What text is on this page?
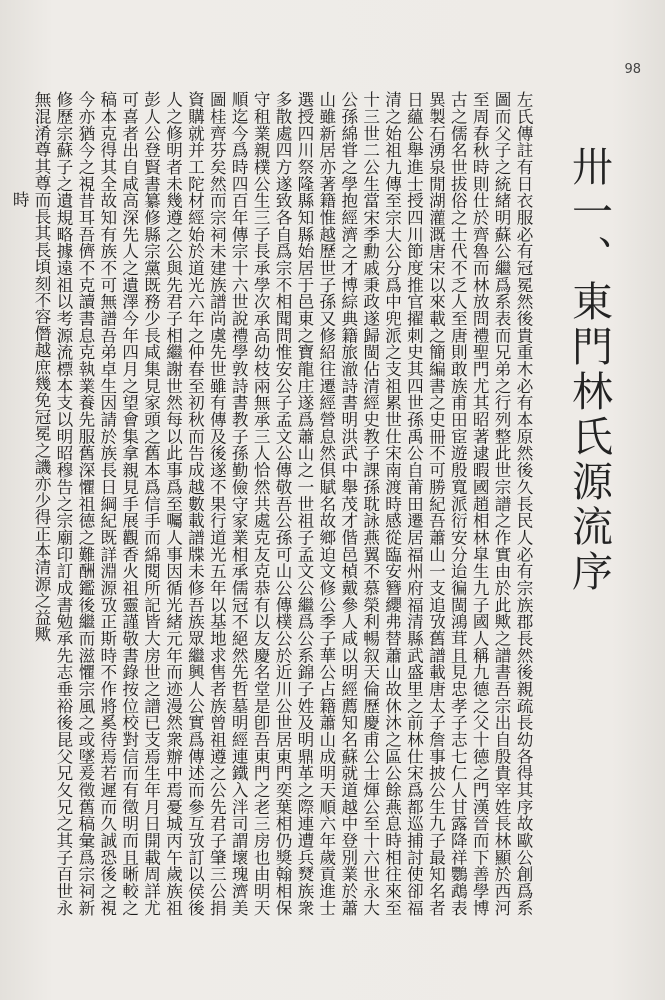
98
卅一、東門林氏源流序
左氏傳註有日衣服必有冠冕然後貴重木必有本原然後久長民人必有宗族郡長然後親疏長幼各得其序故歐公創爲系圖而父子之統緒明蘇公繼爲系表而兄弟之行列整此世宗譜之作實由於此歟之譜書吾宗出自殷貴宰姓長林顯於西河至周春秋時則仕於齊魯而林放問禮聖門尤其昭著逮暇國趙相林皐生九子國人稱九德之父十德之門漢晉而下善學博古之儒名世拔俗之士代不乏人至唐則敢族甫田宦遊殷寬派衍安分迨徧閩鴻茸且見忠孝子志七仁人甘露降祥鸚鵡表異製石湧泉閒湖灌溉唐宋以來載之簡編書之史冊不可勝紀吾蕭山一支追攷舊譜載唐太子詹事披公生九子最知名者日蘊公舉進士授四川節度推官擢刺史其四世孫禹公自莆田遷居福州府福清縣武盛里之前林仕宋爲都巡捕討使卻福清之始祖九傳至宗大公分爲中兜派之支祖累世仕宋南渡時感從臨安簪纓弗替蕭山故休沐之區公餘燕息時相往來至十三世二公生當宋季勳戚秉政遂歸閩佔清經史教子課孫耽詠燕翼不慕榮利暢叙天倫歷慶甫公士煇公至十六世永大公孫綿甞之學抱經濟之才博綜典籍旅澈詩書明洪武中舉茂才偕邑楨戴參人咸以明經薦知名蘇就道越中登別業於蕭山雖新居亦著籍惟越歷世子孫又修紹往遷經營息然俱賦名故鄉迫文修公季子華公占籍蕭山成明天順六年歲貢進士選授四川祭隆縣知縣始居于邑東之寶龍庄遂爲蕭山之一世祖子孟文公繼爲公系錦子姓及明鼎革之際連遭兵燹族衆多散處四方遂致各自爲宗不相聞問惟安公子孟文公傳敬吾公孫可山公傳樸公於近川公世居東門奕葉相仍獎翰相保守租業親樸公生三子長承學次承高幼枝兩無承三人恰然共處克友克恭有以友慶名堂是卽吾東門之老三房也由明天順迄今爲時四百年傳宗十六世說禮學敦詩書教子孫勤儉守家業相承儒冠不絕然先哲墓明經連鐵入泮司謂壞瑰濟美圖桂齊芬矣然而宗祠未建族譜尚虞先世雖有傳及後遂不果行道光五年以基地求售者族曾祖遵之公先君子肇三公捐資購就并工陀材經始於道光六年之仲春至初秋而告成越數載譜牒未修吾族眾繼興人公實爲傳述而參互攷訂以侯後人之修明者未幾遵之公與先君子相繼謝世然每以此事爲至囑人事因循光緒元年而迹漫然衆辦中焉憂城丙午歲族祖彭人公登賢書纂修縣宗黨既務少長咸集見家頭之舊本爲信手而綿閱所記皆大房世之譜已支焉生年月日開載周詳尤可喜者出自咸高深先人之遺澤今年四月之望會集拿親見手展觀香火祖靈謹敬書錄按位校對信而有徵明而且晰較之稿本克得其全故知有族不可無譜吾弟卓生因請於族長日綱紀既詳淵源攷正斯時不作將奚待焉若遲而久誠恐後之視今亦猶今之視昔耳吾儕不克讀書息克執業養先服舊深懼祖德之難酬鑑後繼而滋懼宗風之或墜爰徵舊稿彙爲宗祠新修歷宗蘇子之遺規略據遠祖以考源流標本支以明昭穆告之宗廟印訂成書勉承先志垂裕後昆父兄夂兄之其子百世永無混淆尊其尊而長其長頃刻不容僭越庶幾免冠冕之譏亦少得正本清源之益歟
時
